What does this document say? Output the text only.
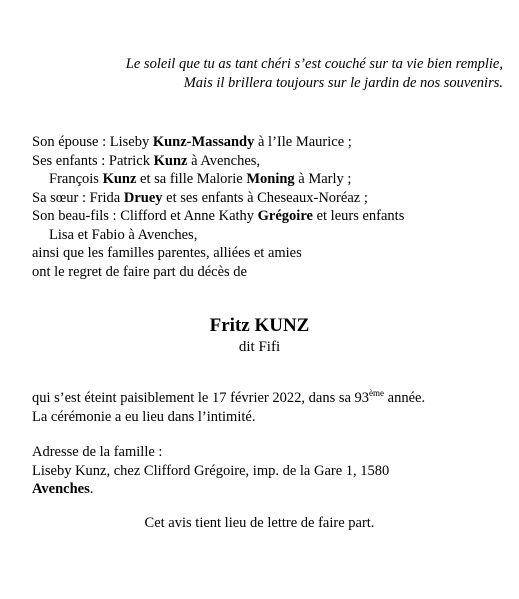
Le soleil que tu as tant chéri s’est couché sur ta vie bien remplie,
Mais il brillera toujours sur le jardin de nos souvenirs.
Son épouse : Liseby Kunz-Massandy à l’Ile Maurice ;
Ses enfants : Patrick Kunz à Avenches,
François Kunz et sa fille Malorie Moning à Marly ;
Sa sœur : Frida Druey et ses enfants à Cheseaux-Noréaz ;
Son beau-fils : Clifford et Anne Kathy Grégoire et leurs enfants
Lisa et Fabio à Avenches,
ainsi que les familles parentes, alliées et amies
ont le regret de faire part du décès de
Fritz KUNZ
dit Fifi
qui s’est éteint paisiblement le 17 février 2022, dans sa 93ème année.
La cérémonie a eu lieu dans l’intimité.
Adresse de la famille :
Liseby Kunz, chez Clifford Grégoire, imp. de la Gare 1, 1580
Avenches.
Cet avis tient lieu de lettre de faire part.
